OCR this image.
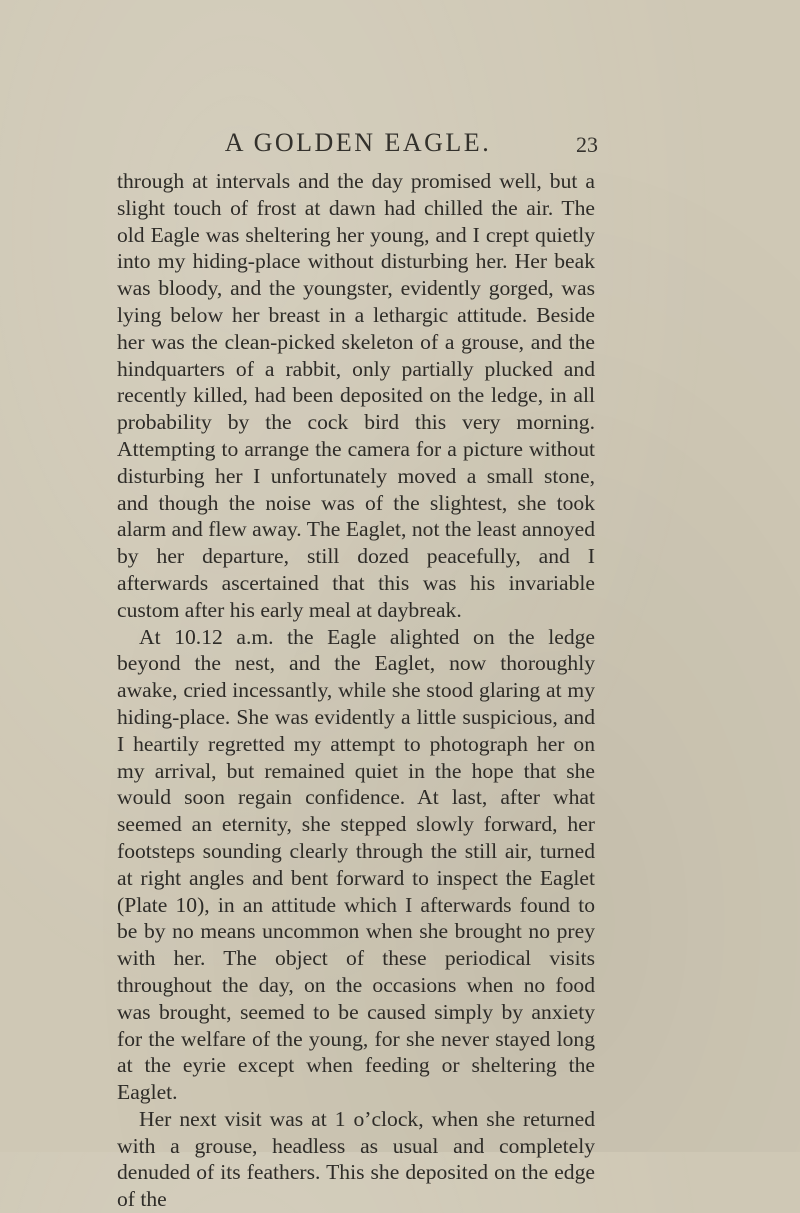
A GOLDEN EAGLE.	23

through at intervals and the day promised well, but a slight touch of frost at dawn had chilled the air. The old Eagle was sheltering her young, and I crept quietly into my hiding-place without disturbing her. Her beak was bloody, and the youngster, evidently gorged, was lying below her breast in a lethargic attitude. Beside her was the clean-picked skeleton of a grouse, and the hindquarters of a rabbit, only partially plucked and recently killed, had been deposited on the ledge, in all probability by the cock bird this very morning. Attempting to arrange the camera for a picture without disturbing her I unfortunately moved a small stone, and though the noise was of the slightest, she took alarm and flew away. The Eaglet, not the least annoyed by her departure, still dozed peacefully, and I afterwards ascertained that this was his invariable custom after his early meal at daybreak.

At 10.12 a.m. the Eagle alighted on the ledge beyond the nest, and the Eaglet, now thoroughly awake, cried incessantly, while she stood glaring at my hiding-place. She was evidently a little suspicious, and I heartily regretted my attempt to photograph her on my arrival, but remained quiet in the hope that she would soon regain confidence. At last, after what seemed an eternity, she stepped slowly forward, her footsteps sounding clearly through the still air, turned at right angles and bent forward to inspect the Eaglet (Plate 10), in an attitude which I afterwards found to be by no means uncommon when she brought no prey with her. The object of these periodical visits throughout the day, on the occasions when no food was brought, seemed to be caused simply by anxiety for the welfare of the young, for she never stayed long at the eyrie except when feeding or sheltering the Eaglet.

Her next visit was at 1 o’clock, when she returned with a grouse, headless as usual and completely denuded of its feathers. This she deposited on the edge of the
